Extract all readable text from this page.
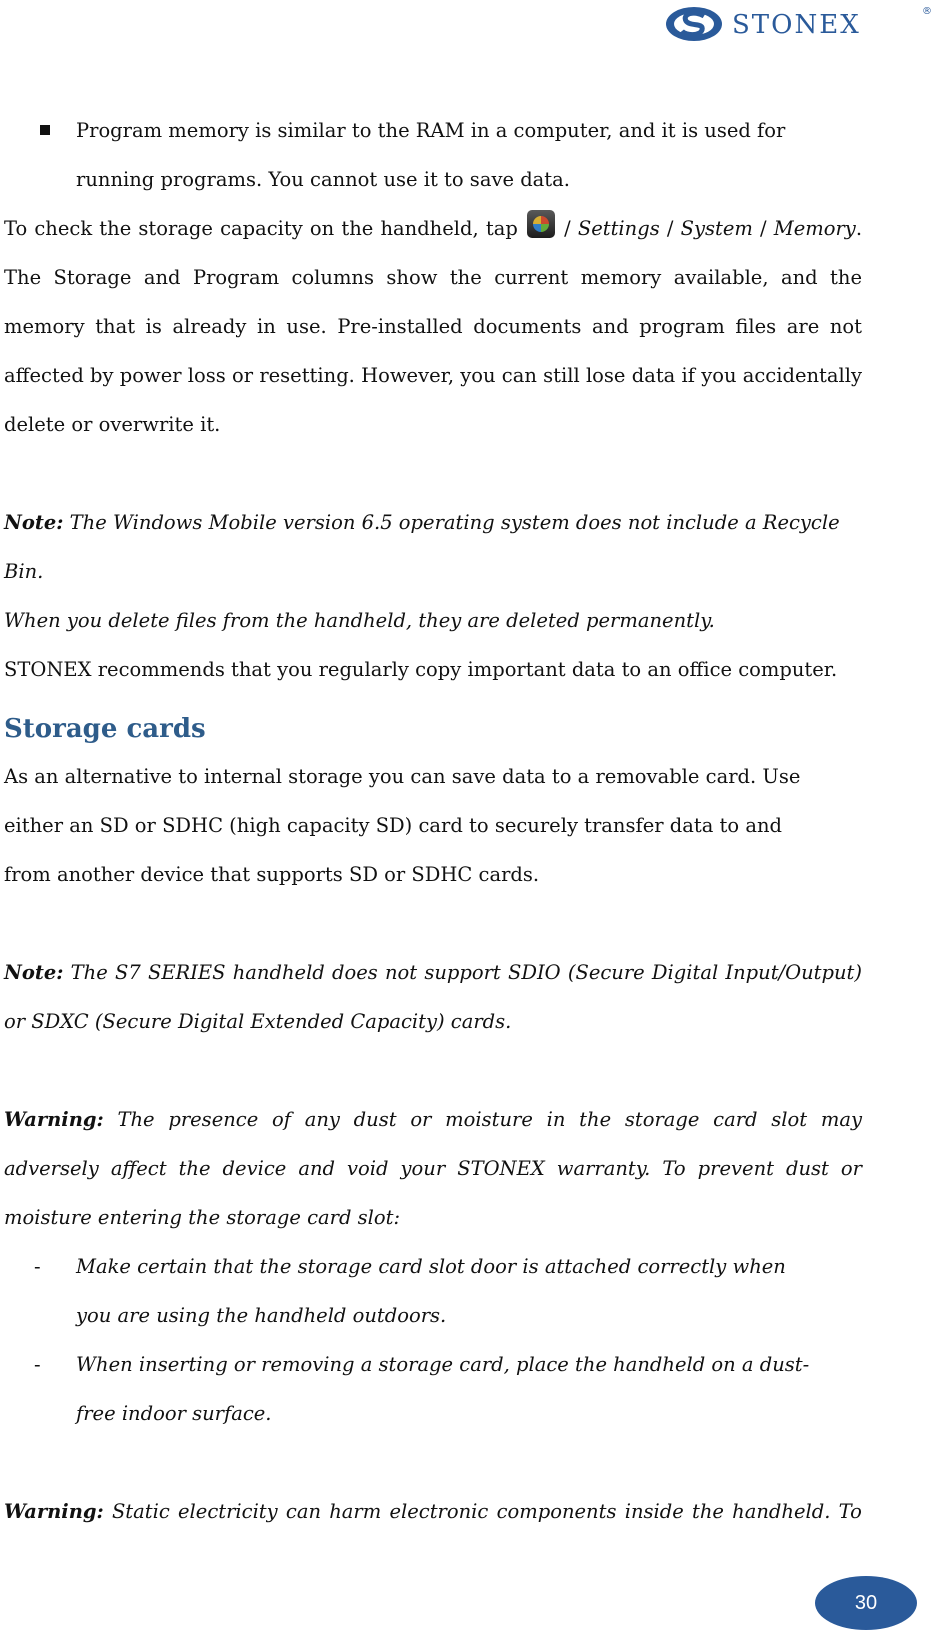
STONEX	®
Program memory is similar to the RAM in a computer, and it is used for running programs. You cannot use it to save data.

To check the storage capacity on the handheld, tap  / Settings / System / Memory. The Storage and Program columns show the current memory available, and the memory that is already in use. Pre-installed documents and program files are not affected by power loss or resetting. However, you can still lose data if you accidentally delete or overwrite it.

Note: The Windows Mobile version 6.5 operating system does not include a Recycle Bin.
When you delete files from the handheld, they are deleted permanently.

STONEX recommends that you regularly copy important data to an office computer.

Storage cards

As an alternative to internal storage you can save data to a removable card. Use either an SD or SDHC (high capacity SD) card to securely transfer data to and from another device that supports SD or SDHC cards.

Note: The S7 SERIES handheld does not support SDIO (Secure Digital Input/Output) or SDXC (Secure Digital Extended Capacity) cards.

Warning: The presence of any dust or moisture in the storage card slot may adversely affect the device and void your STONEX warranty. To prevent dust or moisture entering the storage card slot:

- Make certain that the storage card slot door is attached correctly when you are using the handheld outdoors.
- When inserting or removing a storage card, place the handheld on a dust-free indoor surface.
Warning: Static electricity can harm electronic components inside the handheld. To
30
